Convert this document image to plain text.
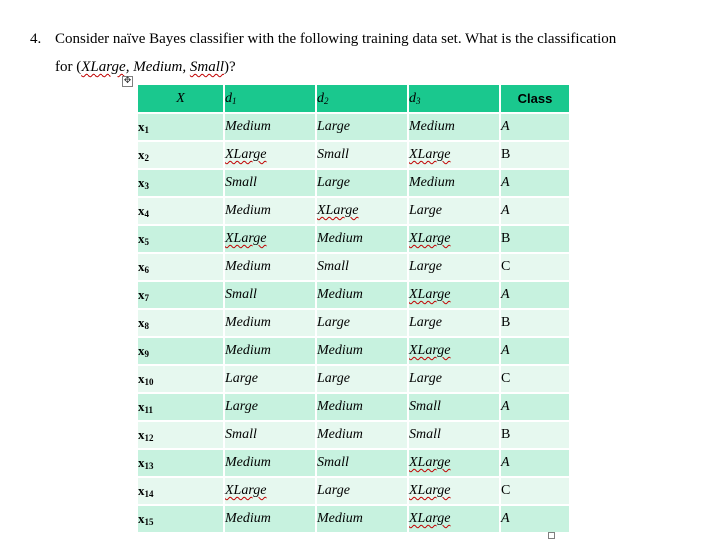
4. Consider naïve Bayes classifier with the following training data set. What is the classification
for (XLarge, Medium, Small)?
✥
X	$d_1$	$d_2$	$d_3$	Class
$x_1$	Medium	Large	Medium	A
$x_2$	XLarge	Small	XLarge	B
$x_3$	Small	Large	Medium	A
$x_4$	Medium	XLarge	Large	A
$x_5$	XLarge	Medium	XLarge	B
$x_6$	Medium	Small	Large	C
$x_7$	Small	Medium	XLarge	A
$x_8$	Medium	Large	Large	B
$x_9$	Medium	Medium	XLarge	A
$x_{10}$	Large	Large	Large	C
$x_{11}$	Large	Medium	Small	A
$x_{12}$	Small	Medium	Small	B
$x_{13}$	Medium	Small	XLarge	A
$x_{14}$	XLarge	Large	XLarge	C
$x_{15}$	Medium	Medium	XLarge	A
